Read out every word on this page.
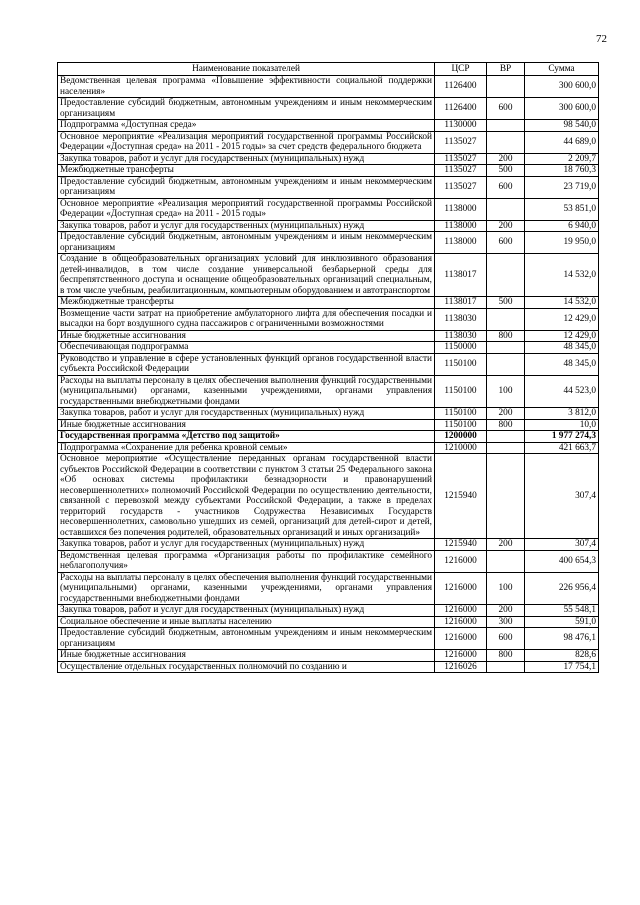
72
Наименование показателей	ЦСР	ВР	Сумма
Ведомственная целевая программа «Повышение эффективности социальной поддержки населения»	1126400		300 600,0
Предоставление субсидий бюджетным, автономным учреждениям и иным некоммерческим организациям	1126400	600	300 600,0
Подпрограмма «Доступная среда»	1130000		98 540,0
Основное мероприятие «Реализация мероприятий государственной программы Российской Федерации «Доступная среда» на 2011 - 2015 годы» за счет средств федерального бюджета	1135027		44 689,0
Закупка товаров, работ и услуг для государственных (муниципальных) нужд	1135027	200	2 209,7
Межбюджетные трансферты	1135027	500	18 760,3
Предоставление субсидий бюджетным, автономным учреждениям и иным некоммерческим организациям	1135027	600	23 719,0
Основное мероприятие «Реализация мероприятий государственной программы Российской Федерации «Доступная среда» на 2011 - 2015 годы»	1138000		53 851,0
Закупка товаров, работ и услуг для государственных (муниципальных) нужд	1138000	200	6 940,0
Предоставление субсидий бюджетным, автономным учреждениям и иным некоммерческим организациям	1138000	600	19 950,0
Создание в общеобразовательных организациях условий для инклюзивного образования детей-инвалидов, в том числе создание универсальной безбарьерной среды для беспрепятственного доступа и оснащение общеобразовательных организаций специальным, в том числе учебным, реабилитационным, компьютерным оборудованием и автотранспортом	1138017		14 532,0
Межбюджетные трансферты	1138017	500	14 532,0
Возмещение части затрат на приобретение амбулаторного лифта для обеспечения посадки и высадки на борт воздушного судна пассажиров с ограниченными возможностями	1138030		12 429,0
Иные бюджетные ассигнования	1138030	800	12 429,0
Обеспечивающая подпрограмма	1150000		48 345,0
Руководство и управление в сфере установленных функций органов государственной власти субъекта Российской Федерации	1150100		48 345,0
Расходы на выплаты персоналу в целях обеспечения выполнения функций государственными (муниципальными) органами, казенными учреждениями, органами управления государственными внебюджетными фондами	1150100	100	44 523,0
Закупка товаров, работ и услуг для государственных (муниципальных) нужд	1150100	200	3 812,0
Иные бюджетные ассигнования	1150100	800	10,0
Государственная программа «Детство под защитой»	1200000		1 977 274,3
Подпрограмма «Сохранение для ребенка кровной семьи»	1210000		421 663,7
Основное мероприятие «Осуществление переданных органам государственной власти субъектов Российской Федерации в соответствии с пунктом 3 статьи 25 Федерального закона «Об основах системы профилактики безнадзорности и правонарушений несовершеннолетних» полномочий Российской Федерации по осуществлению деятельности, связанной с перевозкой между субъектами Российской Федерации, а также в пределах территорий государств - участников Содружества Независимых Государств несовершеннолетних, самовольно ушедших из семей, организаций для детей-сирот и детей, оставшихся без попечения родителей, образовательных организаций и иных организаций»	1215940		307,4
Закупка товаров, работ и услуг для государственных (муниципальных) нужд	1215940	200	307,4
Ведомственная целевая программа «Организация работы по профилактике семейного неблагополучия»	1216000		400 654,3
Расходы на выплаты персоналу в целях обеспечения выполнения функций государственными (муниципальными) органами, казенными учреждениями, органами управления государственными внебюджетными фондами	1216000	100	226 956,4
Закупка товаров, работ и услуг для государственных (муниципальных) нужд	1216000	200	55 548,1
Социальное обеспечение и иные выплаты населению	1216000	300	591,0
Предоставление субсидий бюджетным, автономным учреждениям и иным некоммерческим организациям	1216000	600	98 476,1
Иные бюджетные ассигнования	1216000	800	828,6
Осуществление отдельных государственных полномочий по созданию и	1216026		17 754,1
